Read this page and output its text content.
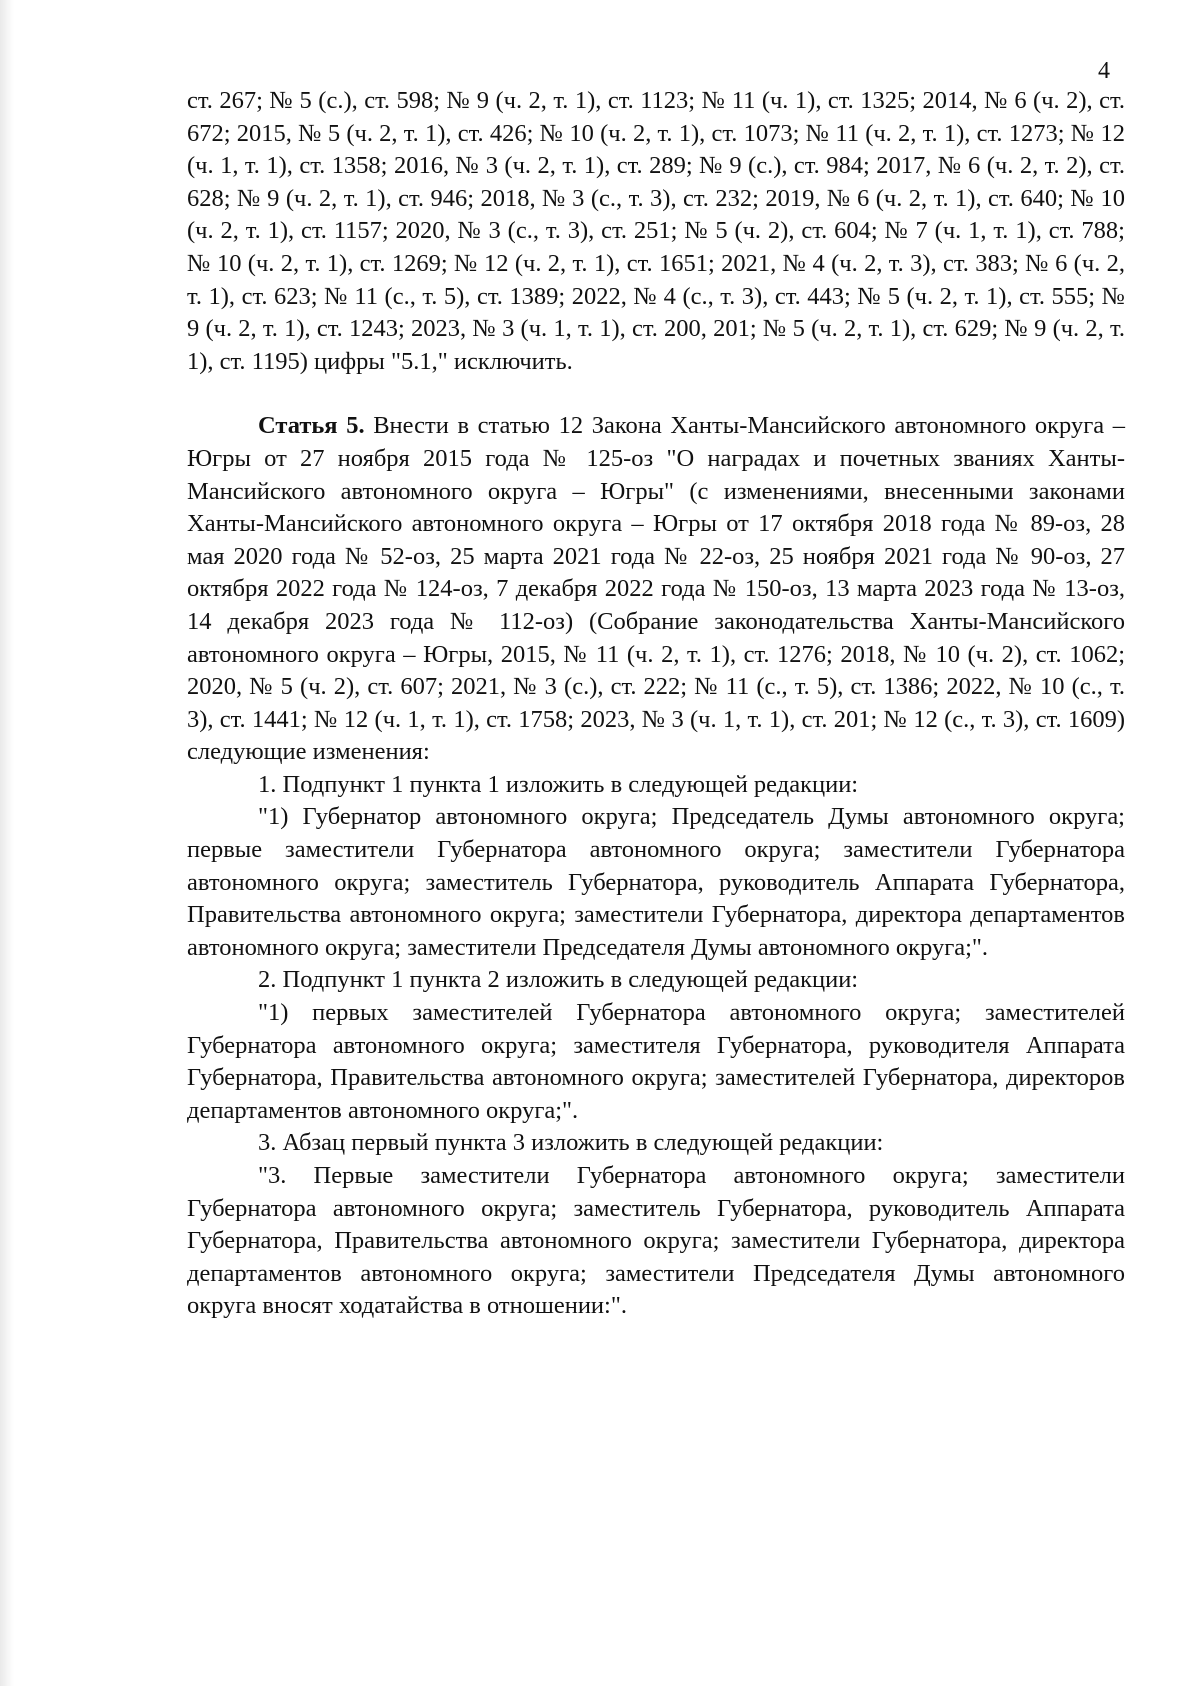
4

ст. 267; № 5 (с.), ст. 598; № 9 (ч. 2, т. 1), ст. 1123; № 11 (ч. 1), ст. 1325; 2014, № 6 (ч. 2), ст. 672; 2015, № 5 (ч. 2, т. 1), ст. 426; № 10 (ч. 2, т. 1), ст. 1073; № 11 (ч. 2, т. 1), ст. 1273; № 12 (ч. 1, т. 1), ст. 1358; 2016, № 3 (ч. 2, т. 1), ст. 289; № 9 (с.), ст. 984; 2017, № 6 (ч. 2, т. 2), ст. 628; № 9 (ч. 2, т. 1), ст. 946; 2018, № 3 (с., т. 3), ст. 232; 2019, № 6 (ч. 2, т. 1), ст. 640; № 10 (ч. 2, т. 1), ст. 1157; 2020, № 3 (с., т. 3), ст. 251; № 5 (ч. 2), ст. 604; № 7 (ч. 1, т. 1), ст. 788; № 10 (ч. 2, т. 1), ст. 1269; № 12 (ч. 2, т. 1), ст. 1651; 2021, № 4 (ч. 2, т. 3), ст. 383; № 6 (ч. 2, т. 1), ст. 623; № 11 (с., т. 5), ст. 1389; 2022, № 4 (с., т. 3), ст. 443; № 5 (ч. 2, т. 1), ст. 555; № 9 (ч. 2, т. 1), ст. 1243; 2023, № 3 (ч. 1, т. 1), ст. 200, 201; № 5 (ч. 2, т. 1), ст. 629; № 9 (ч. 2, т. 1), ст. 1195) цифры "5.1," исключить.

Статья 5. Внести в статью 12 Закона Ханты-Мансийского автономного округа – Югры от 27 ноября 2015 года № 125-оз "О наградах и почетных званиях Ханты-Мансийского автономного округа – Югры" (с изменениями, внесенными законами Ханты-Мансийского автономного округа – Югры от 17 октября 2018 года № 89-оз, 28 мая 2020 года № 52-оз, 25 марта 2021 года № 22-оз, 25 ноября 2021 года № 90-оз, 27 октября 2022 года № 124-оз, 7 декабря 2022 года № 150-оз, 13 марта 2023 года № 13-оз, 14 декабря 2023 года № 112-оз) (Собрание законодательства Ханты-Мансийского автономного округа – Югры, 2015, № 11 (ч. 2, т. 1), ст. 1276; 2018, № 10 (ч. 2), ст. 1062; 2020, № 5 (ч. 2), ст. 607; 2021, № 3 (с.), ст. 222; № 11 (с., т. 5), ст. 1386; 2022, № 10 (с., т. 3), ст. 1441; № 12 (ч. 1, т. 1), ст. 1758; 2023, № 3 (ч. 1, т. 1), ст. 201; № 12 (с., т. 3), ст. 1609) следующие изменения:

1. Подпункт 1 пункта 1 изложить в следующей редакции:

"1) Губернатор автономного округа; Председатель Думы автономного округа; первые заместители Губернатора автономного округа; заместители Губернатора автономного округа; заместитель Губернатора, руководитель Аппарата Губернатора, Правительства автономного округа; заместители Губернатора, директора департаментов автономного округа; заместители Председателя Думы автономного округа;".

2. Подпункт 1 пункта 2 изложить в следующей редакции:

"1) первых заместителей Губернатора автономного округа; заместителей Губернатора автономного округа; заместителя Губернатора, руководителя Аппарата Губернатора, Правительства автономного округа; заместителей Губернатора, директоров департаментов автономного округа;".

3. Абзац первый пункта 3 изложить в следующей редакции:

"3. Первые заместители Губернатора автономного округа; заместители Губернатора автономного округа; заместитель Губернатора, руководитель Аппарата Губернатора, Правительства автономного округа; заместители Губернатора, директора департаментов автономного округа; заместители Председателя Думы автономного округа вносят ходатайства в отношении:".
